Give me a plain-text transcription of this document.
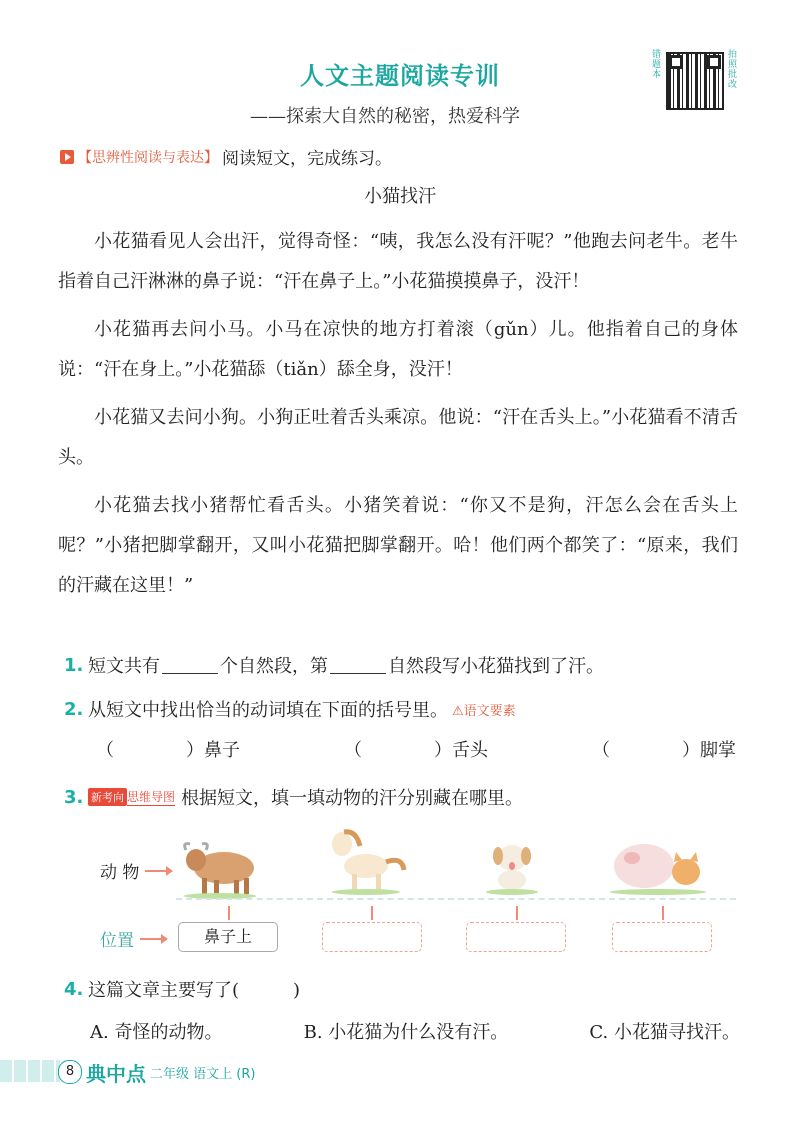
人文主题阅读专训
——探索大自然的秘密，热爱科学
错题本
拍照批改
【思辨性阅读与表达】 阅读短文，完成练习。
小猫找汗

小花猫看见人会出汗，觉得奇怪：“咦，我怎么没有汗呢？”他跑去问老牛。老牛指着自己汗淋淋的鼻子说：“汗在鼻子上。”小花猫摸摸鼻子，没汗！

小花猫再去问小马。小马在凉快的地方打着滚（gǔn）儿。他指着自己的身体说：“汗在身上。”小花猫舔（tiǎn）舔全身，没汗！

小花猫又去问小狗。小狗正吐着舌头乘凉。他说：“汗在舌头上。”小花猫看不清舌头。

小花猫去找小猪帮忙看舌头。小猪笑着说：“你又不是狗，汗怎么会在舌头上呢？”小猪把脚掌翻开，又叫小花猫把脚掌翻开。哈！他们两个都笑了：“原来，我们的汗藏在这里！”

1. 短文共有	个自然段，第	自然段写小花猫找到了汗。
2. 从短文中找出恰当的动词填在下面的括号里。 ⚠语文要素
（　　　　）鼻子	（　　　　）舌头	（　　　　）脚掌
3. 新考向 思维导图 根据短文，填一填动物的汗分别藏在哪里。
动 物
位置	鼻子上
4. 这篇文章主要写了(　　　)
A. 奇怪的动物。	B. 小花猫为什么没有汗。	C. 小花猫寻找汗。
8 典中点 二年级 语文上 (R)
